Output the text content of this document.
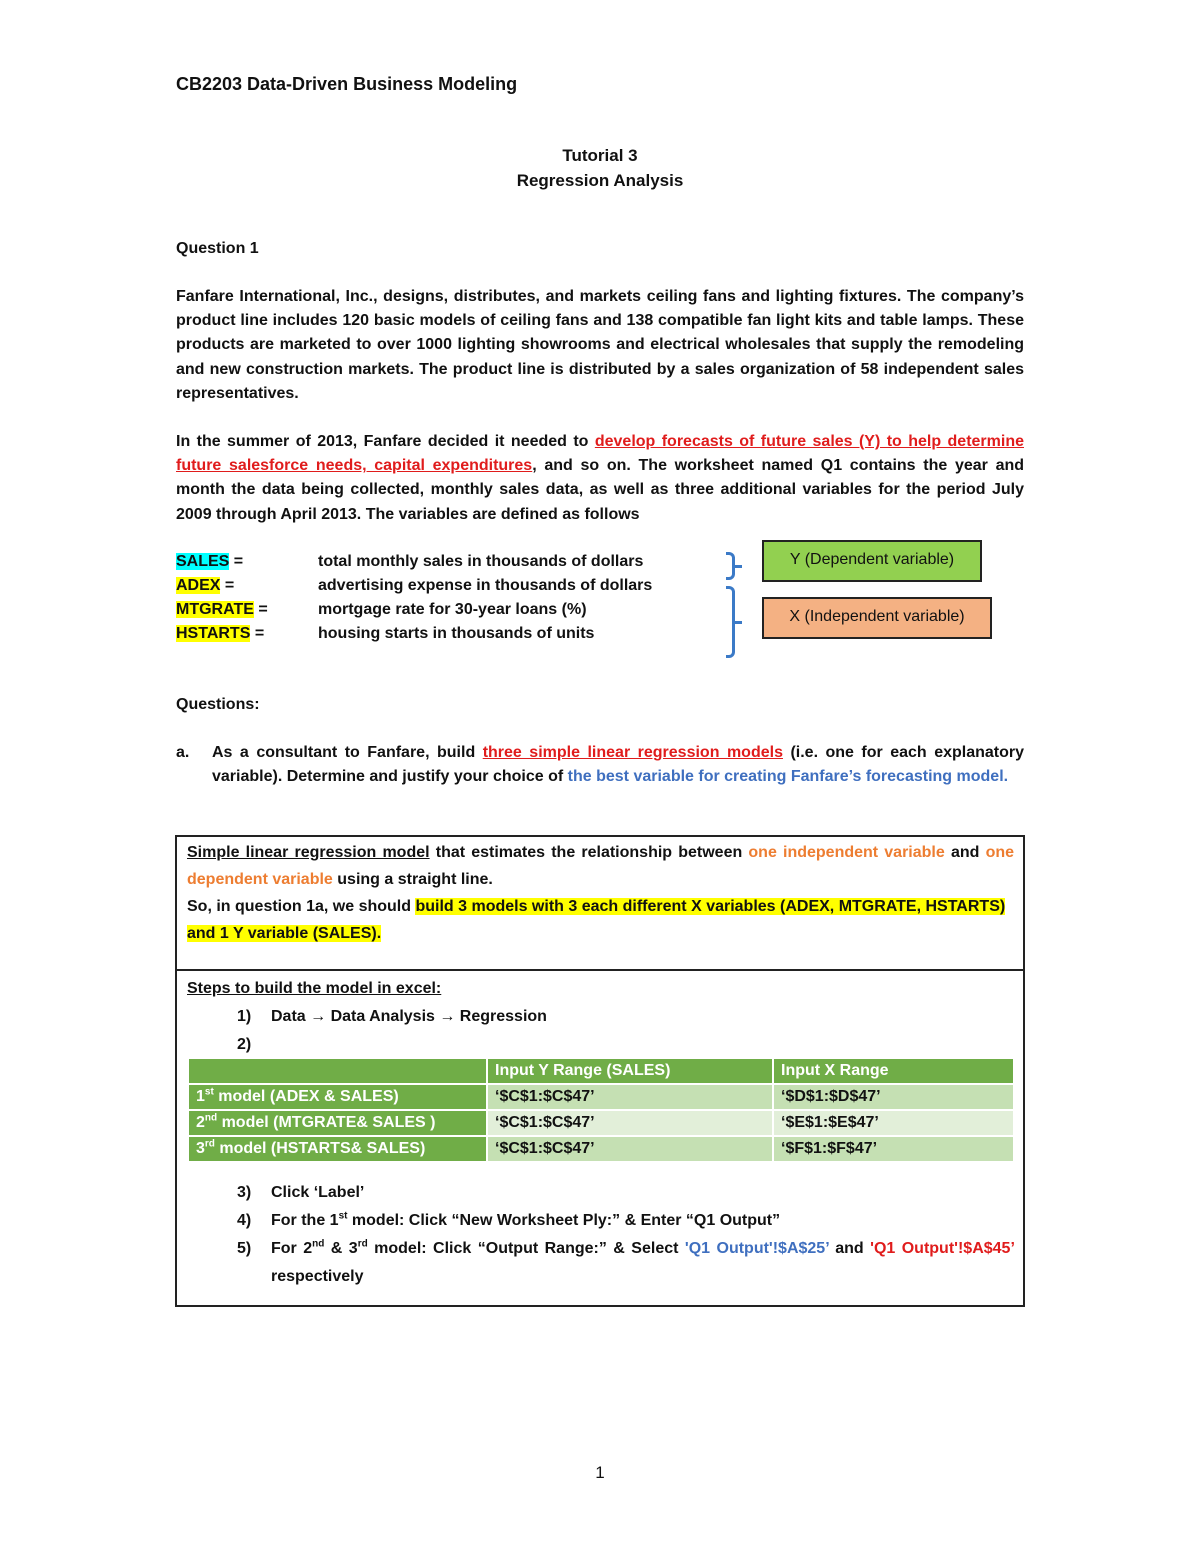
CB2203 Data-Driven Business Modeling
Tutorial 3
Regression Analysis
Question 1
Fanfare International, Inc., designs, distributes, and markets ceiling fans and lighting fixtures. The company’s product line includes 120 basic models of ceiling fans and 138 compatible fan light kits and table lamps. These products are marketed to over 1000 lighting showrooms and electrical wholesales that supply the remodeling and new construction markets. The product line is distributed by a sales organization of 58 independent sales representatives.
In the summer of 2013, Fanfare decided it needed to develop forecasts of future sales (Y) to help determine future salesforce needs, capital expenditures, and so on. The worksheet named Q1 contains the year and month the data being collected, monthly sales data, as well as three additional variables for the period July 2009 through April 2013. The variables are defined as follows
SALES =	total monthly sales in thousands of dollars
ADEX =	advertising expense in thousands of dollars
MTGRATE =	mortgage rate for 30-year loans (%)
HSTARTS =	housing starts in thousands of units
Y (Dependent variable)
X (Independent variable)
Questions:
a. As a consultant to Fanfare, build three simple linear regression models (i.e. one for each explanatory variable). Determine and justify your choice of the best variable for creating Fanfare’s forecasting model.
Simple linear regression model that estimates the relationship between one independent variable and one dependent variable using a straight line.
So, in question 1a, we should build 3 models with 3 each different X variables (ADEX, MTGRATE, HSTARTS) and 1 Y variable (SALES).
Steps to build the model in excel:
1) Data → Data Analysis → Regression
2)

	Input Y Range (SALES)	Input X Range
1st model (ADEX & SALES)	‘$C$1:$C$47’	‘$D$1:$D$47’
2nd model (MTGRATE& SALES )	‘$C$1:$C$47’	‘$E$1:$E$47’
3rd model (HSTARTS& SALES)	‘$C$1:$C$47’	‘$F$1:$F$47’
3) Click ‘Label’
4) For the 1st model: Click “New Worksheet Ply:” & Enter “Q1 Output”
5) For 2nd & 3rd model: Click “Output Range:” & Select 'Q1 Output'!$A$25’ and 'Q1 Output'!$A$45’ respectively
1
